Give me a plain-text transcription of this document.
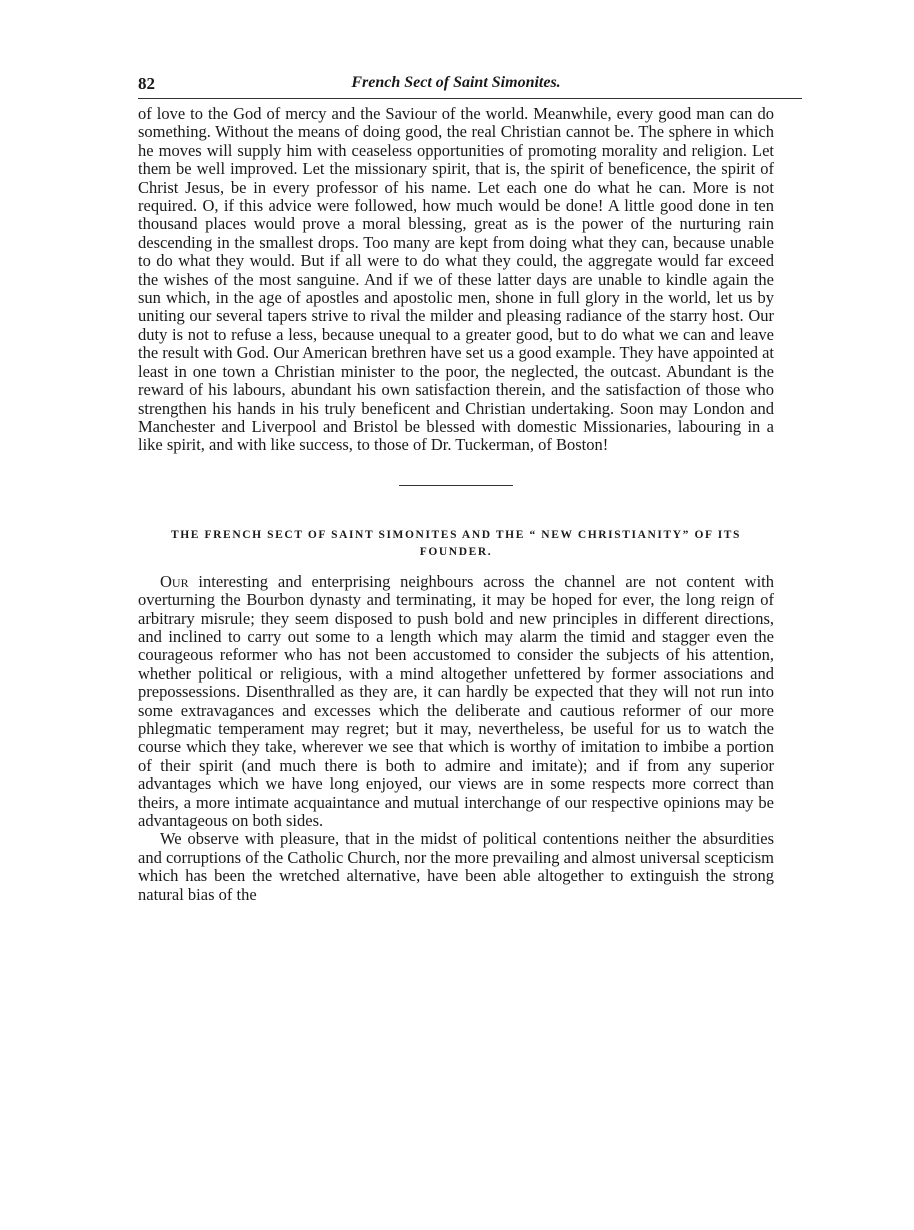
82	French Sect of Saint Simonites.

of love to the God of mercy and the Saviour of the world. Meanwhile, every good man can do something. Without the means of doing good, the real Christian cannot be. The sphere in which he moves will supply him with ceaseless opportunities of promoting morality and religion. Let them be well improved. Let the missionary spirit, that is, the spirit of beneficence, the spirit of Christ Jesus, be in every professor of his name. Let each one do what he can. More is not required. O, if this advice were followed, how much would be done! A little good done in ten thousand places would prove a moral blessing, great as is the power of the nurturing rain descending in the smallest drops. Too many are kept from doing what they can, because unable to do what they would. But if all were to do what they could, the aggregate would far exceed the wishes of the most sanguine. And if we of these latter days are unable to kindle again the sun which, in the age of apostles and apostolic men, shone in full glory in the world, let us by uniting our several tapers strive to rival the milder and pleasing radiance of the starry host. Our duty is not to refuse a less, because unequal to a greater good, but to do what we can and leave the result with God. Our American brethren have set us a good example. They have appointed at least in one town a Christian minister to the poor, the neglected, the outcast. Abundant is the reward of his labours, abundant his own satisfaction therein, and the satisfaction of those who strengthen his hands in his truly beneficent and Christian undertaking. Soon may London and Manchester and Liverpool and Bristol be blessed with domestic Missionaries, labouring in a like spirit, and with like success, to those of Dr. Tuckerman, of Boston!

THE FRENCH SECT OF SAINT SIMONITES AND THE “ NEW CHRISTIANITY” OF ITS FOUNDER.

Our interesting and enterprising neighbours across the channel are not content with overturning the Bourbon dynasty and terminating, it may be hoped for ever, the long reign of arbitrary misrule; they seem disposed to push bold and new principles in different directions, and inclined to carry out some to a length which may alarm the timid and stagger even the courageous reformer who has not been accustomed to consider the subjects of his attention, whether political or religious, with a mind altogether unfettered by former associations and prepossessions. Disenthralled as they are, it can hardly be expected that they will not run into some extravagances and excesses which the deliberate and cautious reformer of our more phlegmatic temperament may regret; but it may, nevertheless, be useful for us to watch the course which they take, wherever we see that which is worthy of imitation to imbibe a portion of their spirit (and much there is both to admire and imitate); and if from any superior advantages which we have long enjoyed, our views are in some respects more correct than theirs, a more intimate acquaintance and mutual interchange of our respective opinions may be advantageous on both sides.

We observe with pleasure, that in the midst of political contentions neither the absurdities and corruptions of the Catholic Church, nor the more prevailing and almost universal scepticism which has been the wretched alternative, have been able altogether to extinguish the strong natural bias of the
